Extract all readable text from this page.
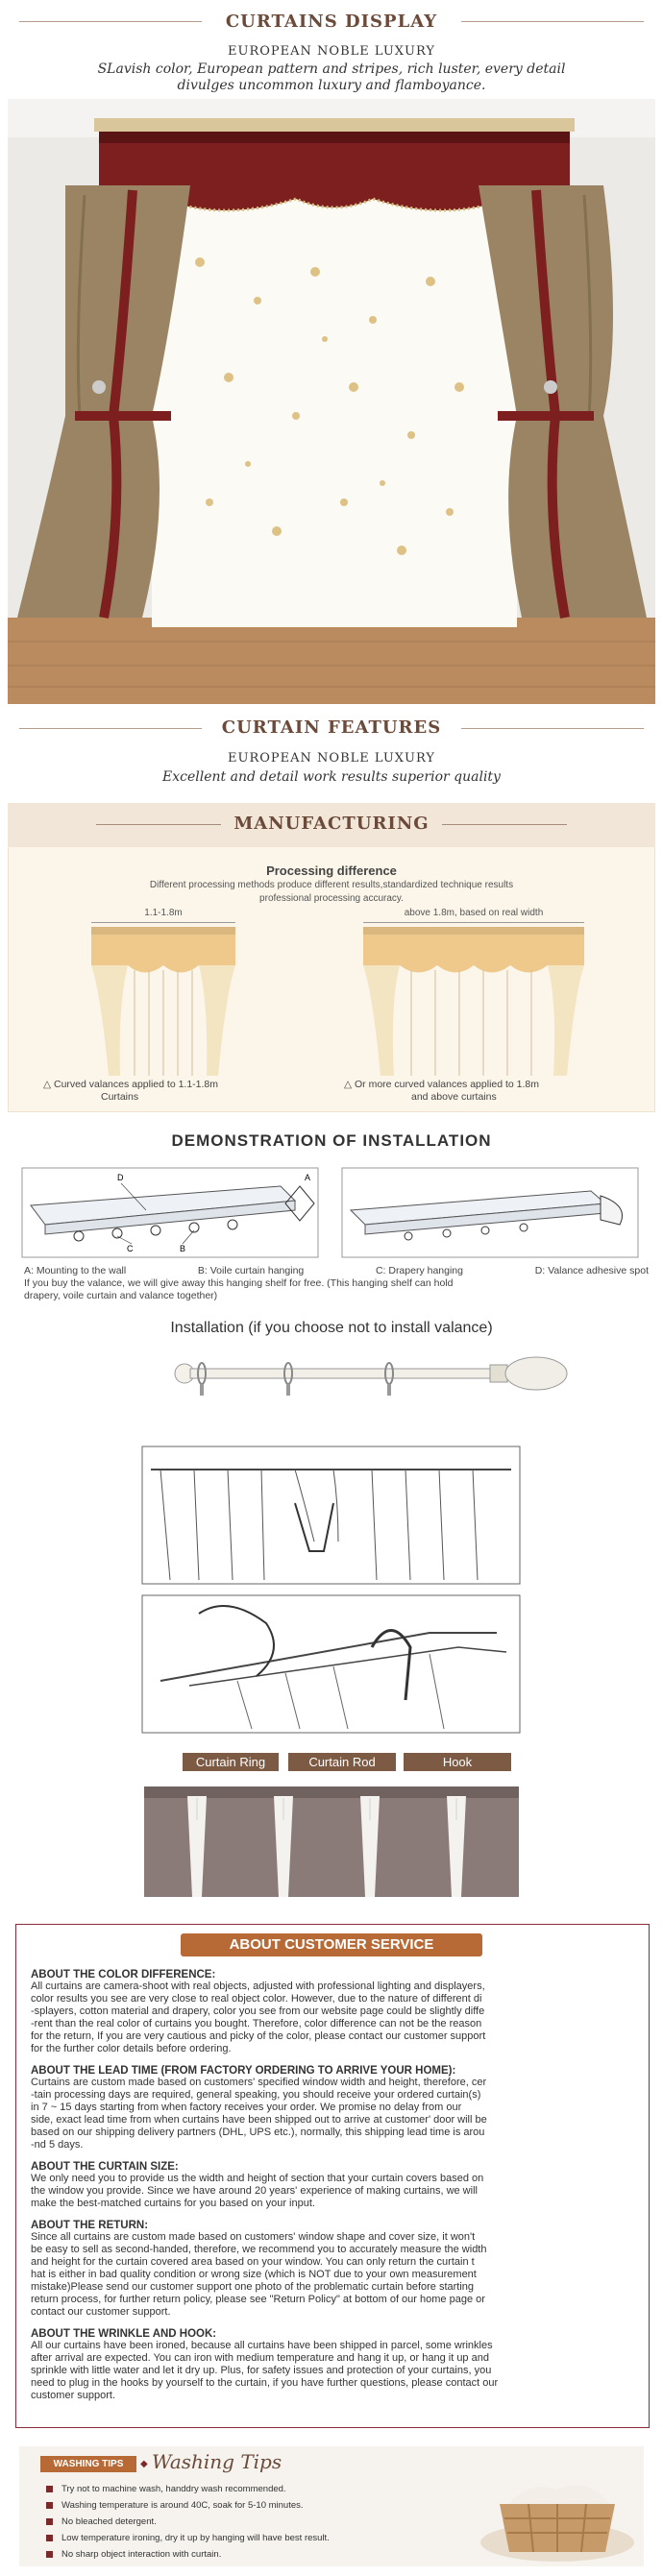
CURTAINS DISPLAY
EUROPEAN NOBLE LUXURY
SLavish color, European pattern and stripes, rich luster, every detail
divulges uncommon luxury and flamboyance.
CURTAIN FEATURES
EUROPEAN NOBLE LUXURY
Excellent and detail work results superior quality
MANUFACTURING
Processing difference
Different processing methods produce different results,standardized technique results
professional processing accuracy.
1.1-1.8m	above 1.8m, based on real width
△ Curved valances applied to 1.1-1.8m
Curtains
△ Or more curved valances applied to 1.8m
and above curtains
DEMONSTRATION OF INSTALLATION
D
B
C
A
A: Mounting to the wall	B: Voile curtain hanging	C: Drapery hanging	D: Valance adhesive spot
If you buy the valance, we will give away this hanging shelf for free. (This hanging shelf can hold
drapery, voile curtain and valance together)
Installation (if you choose not to install valance)
Curtain Ring	Curtain Rod	Hook
ABOUT CUSTOMER SERVICE
ABOUT THE COLOR DIFFERENCE:
All curtains are camera-shoot with real objects, adjusted with professional lighting and displayers,
color results you see are very close to real object color. However, due to the nature of different di
-splayers, cotton material and drapery, color you see from our website page could be slightly diffe
-rent than the real color of curtains you bought. Therefore, color difference can not be the reason
for the return, If you are very cautious and picky of the color, please contact our customer support
for the further color details before ordering.
ABOUT THE LEAD TIME (FROM FACTORY ORDERING TO ARRIVE YOUR HOME):
Curtains are custom made based on customers' specified window width and height, therefore, cer
-tain processing days are required, general speaking, you should receive your ordered curtain(s)
in 7 ~ 15 days starting from when factory receives your order. We promise no delay from our
side, exact lead time from when curtains have been shipped out to arrive at customer' door will be
based on our shipping delivery partners (DHL, UPS etc.), normally, this shipping lead time is arou
-nd 5 days.
ABOUT THE CURTAIN SIZE:
We only need you to provide us the width and height of section that your curtain covers based on
the window you provide. Since we have around 20 years' experience of making curtains, we will
make the best-matched curtains for you based on your input.
ABOUT THE RETURN:
Since all curtains are custom made based on customers' window shape and cover size, it won't
be easy to sell as second-handed, therefore, we recommend you to accurately measure the width
and height for the curtain covered area based on your window. You can only return the curtain t
hat is either in bad quality condition or wrong size (which is NOT due to your own measurement
mistake)Please send our customer support one photo of the problematic curtain before starting
return process, for further return policy, please see "Return Policy" at bottom of our home page or
contact our customer support.
ABOUT THE WRINKLE AND HOOK:
All our curtains have been ironed, because all curtains have been shipped in parcel, some wrinkles
after arrival are expected. You can iron with medium temperature and hang it up, or hang it up and
sprinkle with little water and let it dry up. Plus, for safety issues and protection of your curtains, you
need to plug in the hooks by yourself to the curtain, if you have further questions, please contact our
customer support.
WASHING TIPS	◆ Washing Tips
Try not to machine wash, handdry wash recommended.
Washing temperature is around 40C, soak for 5-10 minutes.
No bleached detergent.
Low temperature ironing, dry it up by hanging will have best result.
No sharp object interaction with curtain.
